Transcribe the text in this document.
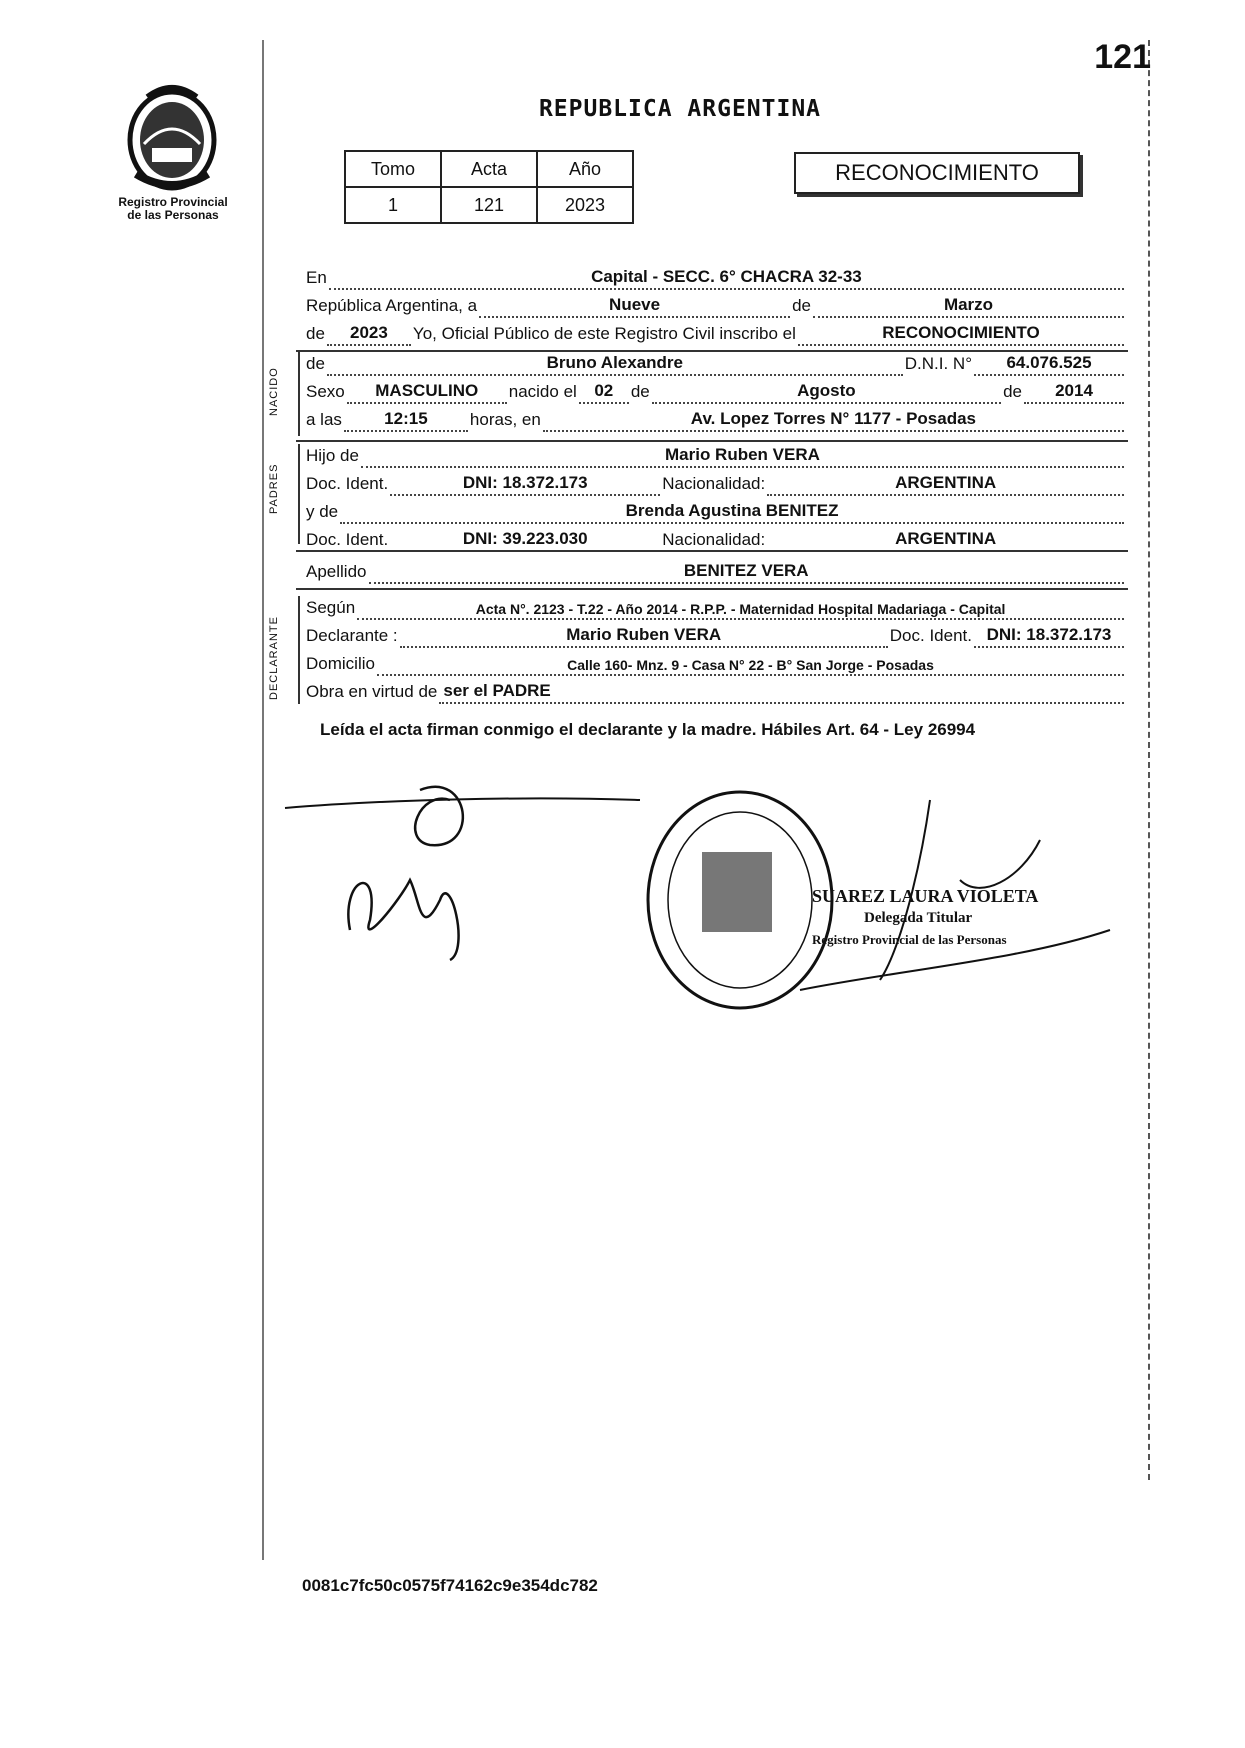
121
Registro Provincial
de las Personas
REPUBLICA ARGENTINA
Tomo	Acta	Año
1	121	2023
RECONOCIMIENTO
En	Capital - SECC. 6° CHACRA 32-33
República Argentina, a	Nueve	de	Marzo
de	2023	Yo, Oficial Público de este Registro Civil inscribo el	RECONOCIMIENTO
NACIDO
de	Bruno Alexandre	D.N.I. N°	64.076.525
Sexo	MASCULINO	nacido el	02	de	Agosto	de	2014
a las	12:15	horas, en	Av. Lopez Torres N° 1177 - Posadas
PADRES
Hijo de	Mario Ruben VERA
Doc. Ident.	DNI: 18.372.173	Nacionalidad:	ARGENTINA
y de	Brenda Agustina BENITEZ
Doc. Ident.	DNI: 39.223.030	Nacionalidad:	ARGENTINA
Apellido	BENITEZ VERA
DECLARANTE
Según	Acta N°. 2123 - T.22 - Año 2014 - R.P.P. - Maternidad Hospital Madariaga - Capital
Declarante :	Mario Ruben VERA	Doc. Ident. DNI: 18.372.173
Domicilio	Calle 160- Mnz. 9 - Casa N° 22 - B° San Jorge - Posadas
Obra en virtud de ser el PADRE
Leída el acta firman conmigo el declarante y la madre. Hábiles Art. 64 - Ley 26994
SUAREZ LAURA VIOLETA
Delegada Titular
Registro Provincial de las Personas
0081c7fc50c0575f74162c9e354dc782
